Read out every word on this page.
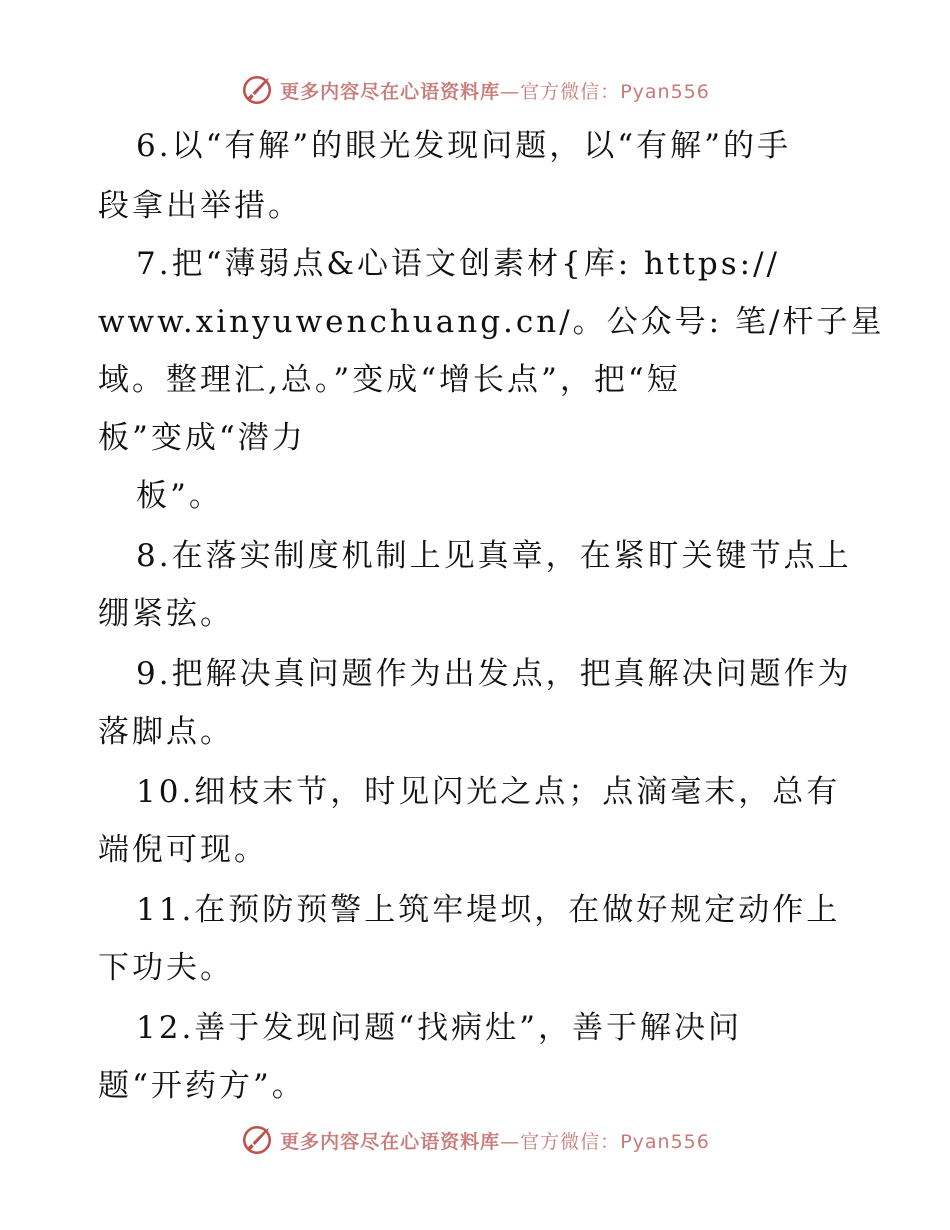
更多内容尽在心语资料库—官方微信：Pyan556
6.以“有解”的眼光发现问题，以“有解”的手
段拿出举措。
7.把“薄弱点&心语文创素材{库: https://
www.xinyuwenchuang.cn/。公众号: 笔/杆子星
域。整理汇,总。”变成“增长点”，把“短
板”变成“潜力
板”。
8.在落实制度机制上见真章，在紧盯关键节点上
绷紧弦。
9.把解决真问题作为出发点，把真解决问题作为
落脚点。
10.细枝末节，时见闪光之点；点滴毫末，总有
端倪可现。
11.在预防预警上筑牢堤坝，在做好规定动作上
下功夫。
12.善于发现问题“找病灶”，善于解决问
题“开药方”。
更多内容尽在心语资料库—官方微信：Pyan556
